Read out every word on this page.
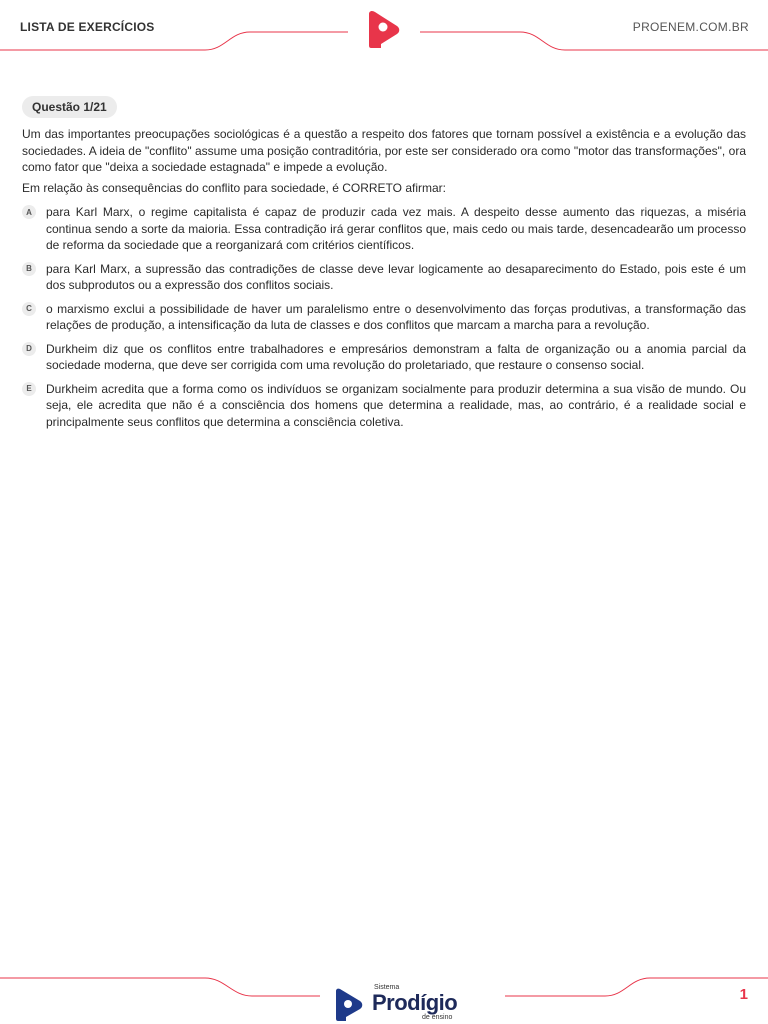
LISTA DE EXERCÍCIOS	PROENEM.COM.BR
Questão 1/21

Um das importantes preocupações sociológicas é a questão a respeito dos fatores que tornam possível a existência e a evolução das sociedades. A ideia de "conflito" assume uma posição contraditória, por este ser considerado ora como "motor das transformações", ora como fator que "deixa a sociedade estagnada" e impede a evolução.

Em relação às consequências do conflito para sociedade, é CORRETO afirmar:

A	para Karl Marx, o regime capitalista é capaz de produzir cada vez mais. A despeito desse aumento das riquezas, a miséria continua sendo a sorte da maioria. Essa contradição irá gerar conflitos que, mais cedo ou mais tarde, desencadearão um processo de reforma da sociedade que a reorganizará com critérios científicos.
B	para Karl Marx, a supressão das contradições de classe deve levar logicamente ao desaparecimento do Estado, pois este é um dos subprodutos ou a expressão dos conflitos sociais.
C	o marxismo exclui a possibilidade de haver um paralelismo entre o desenvolvimento das forças produtivas, a transformação das relações de produção, a intensificação da luta de classes e dos conflitos que marcam a marcha para a revolução.
D	Durkheim diz que os conflitos entre trabalhadores e empresários demonstram a falta de organização ou a anomia parcial da sociedade moderna, que deve ser corrigida com uma revolução do proletariado, que restaure o consenso social.
E	Durkheim acredita que a forma como os indivíduos se organizam socialmente para produzir determina a sua visão de mundo. Ou seja, ele acredita que não é a consciência dos homens que determina a realidade, mas, ao contrário, é a realidade social e principalmente seus conflitos que determina a consciência coletiva.
Sistema
Prodígio
de ensino
1
